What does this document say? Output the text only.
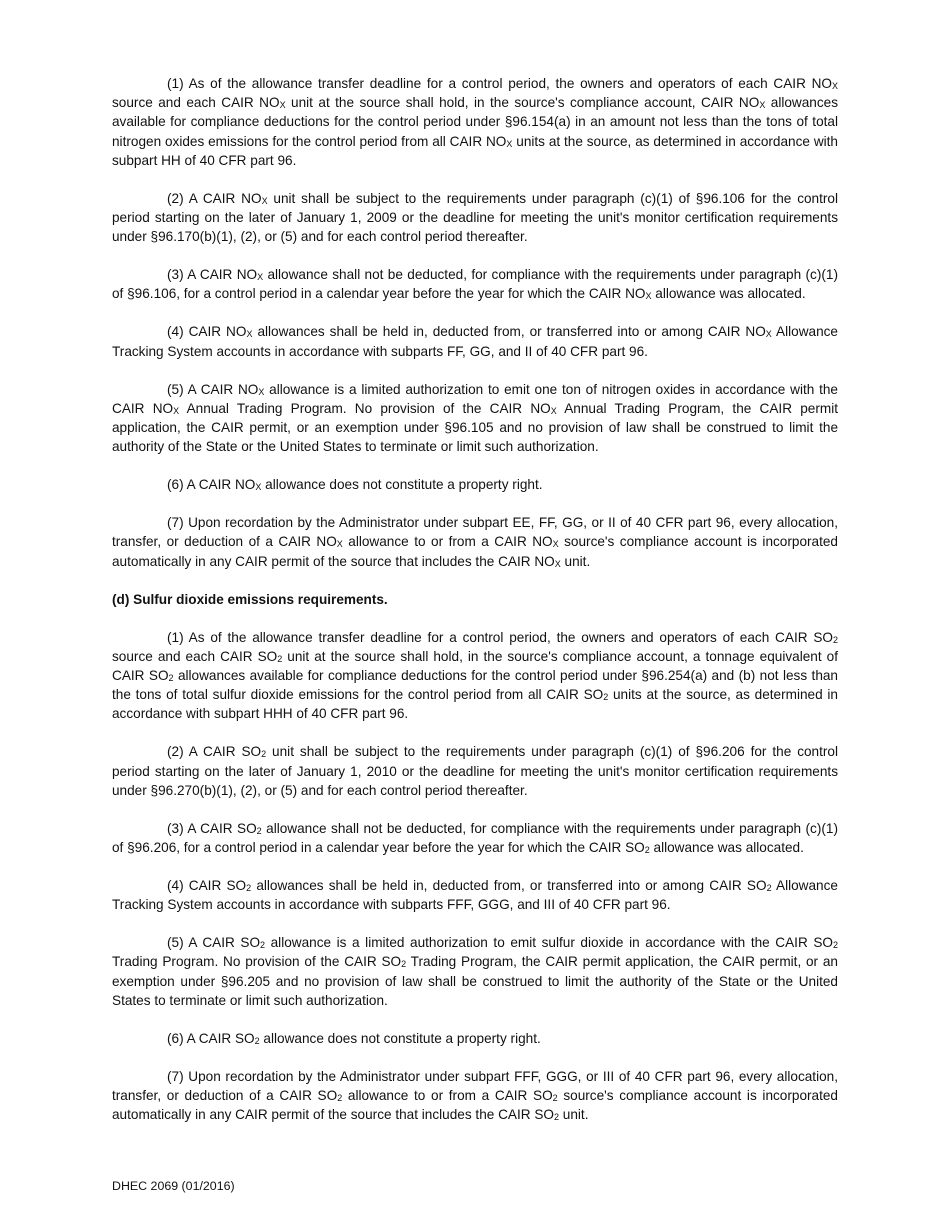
(1) As of the allowance transfer deadline for a control period, the owners and operators of each CAIR NOX source and each CAIR NOX unit at the source shall hold, in the source's compliance account, CAIR NOX allowances available for compliance deductions for the control period under §96.154(a) in an amount not less than the tons of total nitrogen oxides emissions for the control period from all CAIR NOX units at the source, as determined in accordance with subpart HH of 40 CFR part 96.

(2) A CAIR NOX unit shall be subject to the requirements under paragraph (c)(1) of §96.106 for the control period starting on the later of January 1, 2009 or the deadline for meeting the unit's monitor certification requirements under §96.170(b)(1), (2), or (5) and for each control period thereafter.

(3) A CAIR NOX allowance shall not be deducted, for compliance with the requirements under paragraph (c)(1) of §96.106, for a control period in a calendar year before the year for which the CAIR NOX allowance was allocated.

(4) CAIR NOX allowances shall be held in, deducted from, or transferred into or among CAIR NOX Allowance Tracking System accounts in accordance with subparts FF, GG, and II of 40 CFR part 96.

(5) A CAIR NOX allowance is a limited authorization to emit one ton of nitrogen oxides in accordance with the CAIR NOX Annual Trading Program. No provision of the CAIR NOX Annual Trading Program, the CAIR permit application, the CAIR permit, or an exemption under §96.105 and no provision of law shall be construed to limit the authority of the State or the United States to terminate or limit such authorization.

(6) A CAIR NOX allowance does not constitute a property right.

(7) Upon recordation by the Administrator under subpart EE, FF, GG, or II of 40 CFR part 96, every allocation, transfer, or deduction of a CAIR NOX allowance to or from a CAIR NOX source's compliance account is incorporated automatically in any CAIR permit of the source that includes the CAIR NOX unit.

(d) Sulfur dioxide emissions requirements.

(1) As of the allowance transfer deadline for a control period, the owners and operators of each CAIR SO2 source and each CAIR SO2 unit at the source shall hold, in the source's compliance account, a tonnage equivalent of CAIR SO2 allowances available for compliance deductions for the control period under §96.254(a) and (b) not less than the tons of total sulfur dioxide emissions for the control period from all CAIR SO2 units at the source, as determined in accordance with subpart HHH of 40 CFR part 96.

(2) A CAIR SO2 unit shall be subject to the requirements under paragraph (c)(1) of §96.206 for the control period starting on the later of January 1, 2010 or the deadline for meeting the unit's monitor certification requirements under §96.270(b)(1), (2), or (5) and for each control period thereafter.

(3) A CAIR SO2 allowance shall not be deducted, for compliance with the requirements under paragraph (c)(1) of §96.206, for a control period in a calendar year before the year for which the CAIR SO2 allowance was allocated.

(4) CAIR SO2 allowances shall be held in, deducted from, or transferred into or among CAIR SO2 Allowance Tracking System accounts in accordance with subparts FFF, GGG, and III of 40 CFR part 96.

(5) A CAIR SO2 allowance is a limited authorization to emit sulfur dioxide in accordance with the CAIR SO2 Trading Program. No provision of the CAIR SO2 Trading Program, the CAIR permit application, the CAIR permit, or an exemption under §96.205 and no provision of law shall be construed to limit the authority of the State or the United States to terminate or limit such authorization.

(6) A CAIR SO2 allowance does not constitute a property right.

(7) Upon recordation by the Administrator under subpart FFF, GGG, or III of 40 CFR part 96, every allocation, transfer, or deduction of a CAIR SO2 allowance to or from a CAIR SO2 source's compliance account is incorporated automatically in any CAIR permit of the source that includes the CAIR SO2 unit.

DHEC 2069 (01/2016)
